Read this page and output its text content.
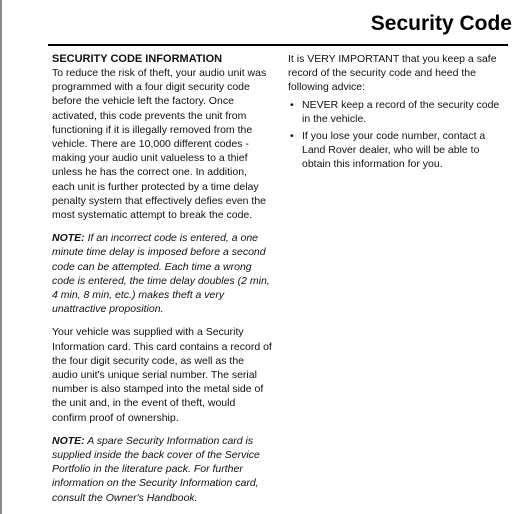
Security Code
SECURITY CODE INFORMATION

To reduce the risk of theft, your audio unit was programmed with a four digit security code before the vehicle left the factory. Once activated, this code prevents the unit from functioning if it is illegally removed from the vehicle. There are 10,000 different codes - making your audio unit valueless to a thief unless he has the correct one. In addition, each unit is further protected by a time delay penalty system that effectively defies even the most systematic attempt to break the code.

NOTE: If an incorrect code is entered, a one minute time delay is imposed before a second code can be attempted. Each time a wrong code is entered, the time delay doubles (2 min, 4 min, 8 min, etc.) makes theft a very unattractive proposition.

Your vehicle was supplied with a Security Information card. This card contains a record of the four digit security code, as well as the audio unit's unique serial number. The serial number is also stamped into the metal side of the unit and, in the event of theft, would confirm proof of ownership.

NOTE: A spare Security Information card is supplied inside the back cover of the Service Portfolio in the literature pack. For further information on the Security Information card, consult the Owner's Handbook.

It is VERY IMPORTANT that you keep a safe record of the security code and heed the following advice:

• NEVER keep a record of the security code in the vehicle.
• If you lose your code number, contact a Land Rover dealer, who will be able to obtain this information for you.
